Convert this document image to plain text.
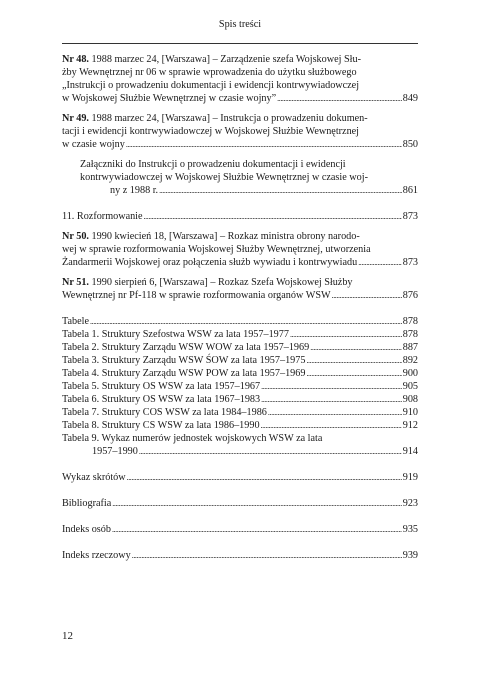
Spis treści

Nr 48. 1988 marzec 24, [Warszawa] – Zarządzenie szefa Wojskowej Słu-

żby Wewnętrznej nr 06 w sprawie wprowadzenia do użytku służbowego

„Instrukcji o prowadzeniu dokumentacji i ewidencji kontrwywiadowczej

w Wojskowej Służbie Wewnętrznej w czasie wojny” . . .	849

Nr 49. 1988 marzec 24, [Warszawa] – Instrukcja o prowadzeniu dokumen-

tacji i ewidencji kontrwywiadowczej w Wojskowej Służbie Wewnętrznej

w czasie wojny . . .	850

Załączniki do Instrukcji o prowadzeniu dokumentacji i ewidencji

kontrwywiadowczej w Wojskowej Służbie Wewnętrznej w czasie woj-

ny z 1988 r. . . .	861
11. Rozformowanie . . .	873

Nr 50. 1990 kwiecień 18, [Warszawa] – Rozkaz ministra obrony narodo-

wej w sprawie rozformowania Wojskowej Służby Wewnętrznej, utworzenia

Żandarmerii Wojskowej oraz połączenia służb wywiadu i kontrwywiadu . . .	873

Nr 51. 1990 sierpień 6, [Warszawa] – Rozkaz Szefa Wojskowej Służby

Wewnętrznej nr Pf-118 w sprawie rozformowania organów WSW . . .	876
Tabele . . .	878
Tabela 1. Struktury Szefostwa WSW za lata 1957–1977 . . .	878
Tabela 2. Struktury Zarządu WSW WOW za lata 1957–1969 . . .	887
Tabela 3. Struktury Zarządu WSW ŚOW za lata 1957–1975 . . .	892
Tabela 4. Struktury Zarządu WSW POW za lata 1957–1969 . . .	900
Tabela 5. Struktury OS WSW za lata 1957–1967 . . .	905
Tabela 6. Struktury OS WSW za lata 1967–1983 . . .	908
Tabela 7. Struktury COS WSW za lata 1984–1986 . . .	910
Tabela 8. Struktury CS WSW za lata 1986–1990 . . .	912

Tabela 9. Wykaz numerów jednostek wojskowych WSW za lata

1957–1990 . . .	914
Wykaz skrótów . . .	919
Bibliografia . . .	923
Indeks osób . . .	935
Indeks rzeczowy . . .	939
12
